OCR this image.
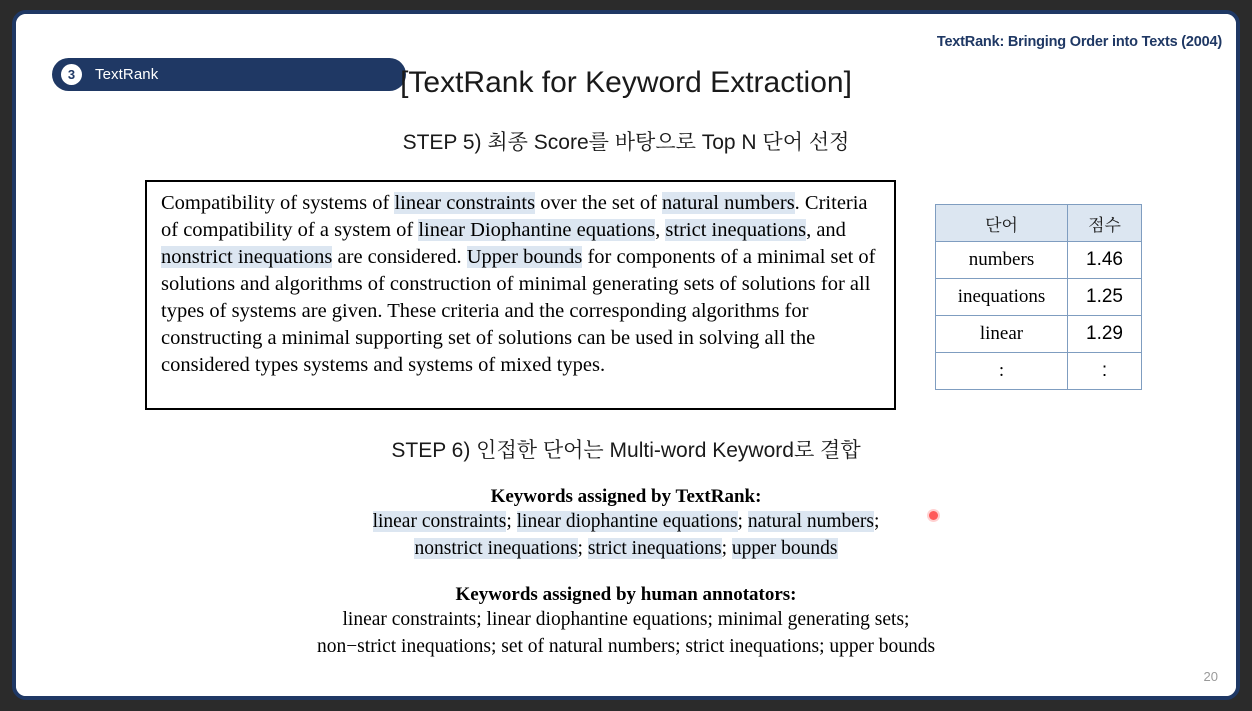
TextRank: Bringing Order into Texts (2004)
3	TextRank	[TextRank for Keyword Extraction]
STEP 5) 최종 Score를 바탕으로 Top N 단어 선정
Compatibility of systems of linear constraints over the set of natural numbers. Criteria of compatibility of a system of linear Diophantine equations, strict inequations, and nonstrict inequations are considered. Upper bounds for components of a minimal set of solutions and algorithms of construction of minimal generating sets of solutions for all types of systems are given. These criteria and the corresponding algorithms for constructing a minimal supporting set of solutions can be used in solving all the considered types systems and systems of mixed types.
단어	점수
numbers	1.46
inequations	1.25
linear	1.29
:	:
STEP 6) 인접한 단어는 Multi-word Keyword로 결합
Keywords assigned by TextRank:
linear constraints; linear diophantine equations; natural numbers;
nonstrict inequations; strict inequations; upper bounds
Keywords assigned by human annotators:
linear constraints; linear diophantine equations; minimal generating sets;
non−strict inequations; set of natural numbers; strict inequations; upper bounds
20
